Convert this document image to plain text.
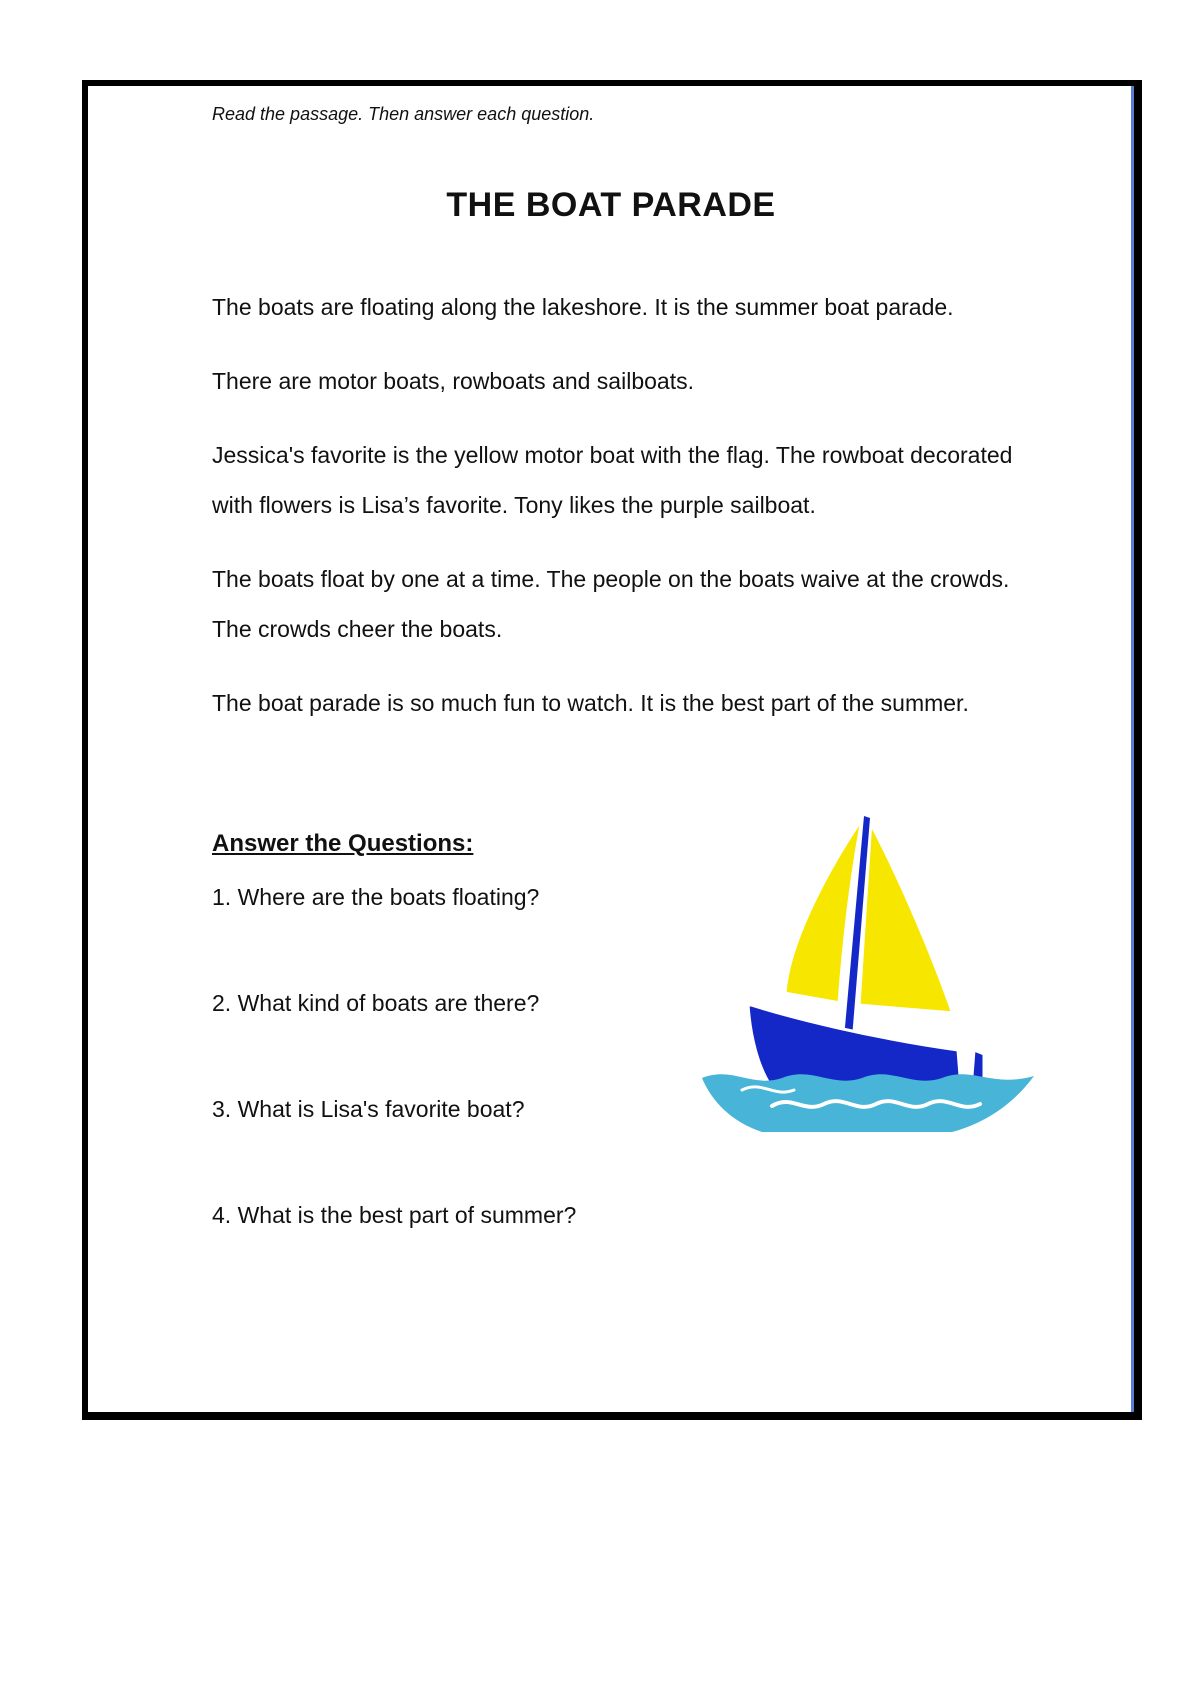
Read the passage. Then answer each question.

THE BOAT PARADE

The boats are floating along the lakeshore. It is the summer boat parade.

There are motor boats, rowboats and sailboats.

Jessica's favorite is the yellow motor boat with the flag. The rowboat decorated with flowers is Lisa’s favorite. Tony likes the purple sailboat.

The boats float by one at a time. The people on the boats waive at the crowds. The crowds cheer the boats.

The boat parade is so much fun to watch. It is the best part of the summer.

Answer the Questions:

1. Where are the boats floating?

2. What kind of boats are there?

3. What is Lisa's favorite boat?

4. What is the best part of summer?
